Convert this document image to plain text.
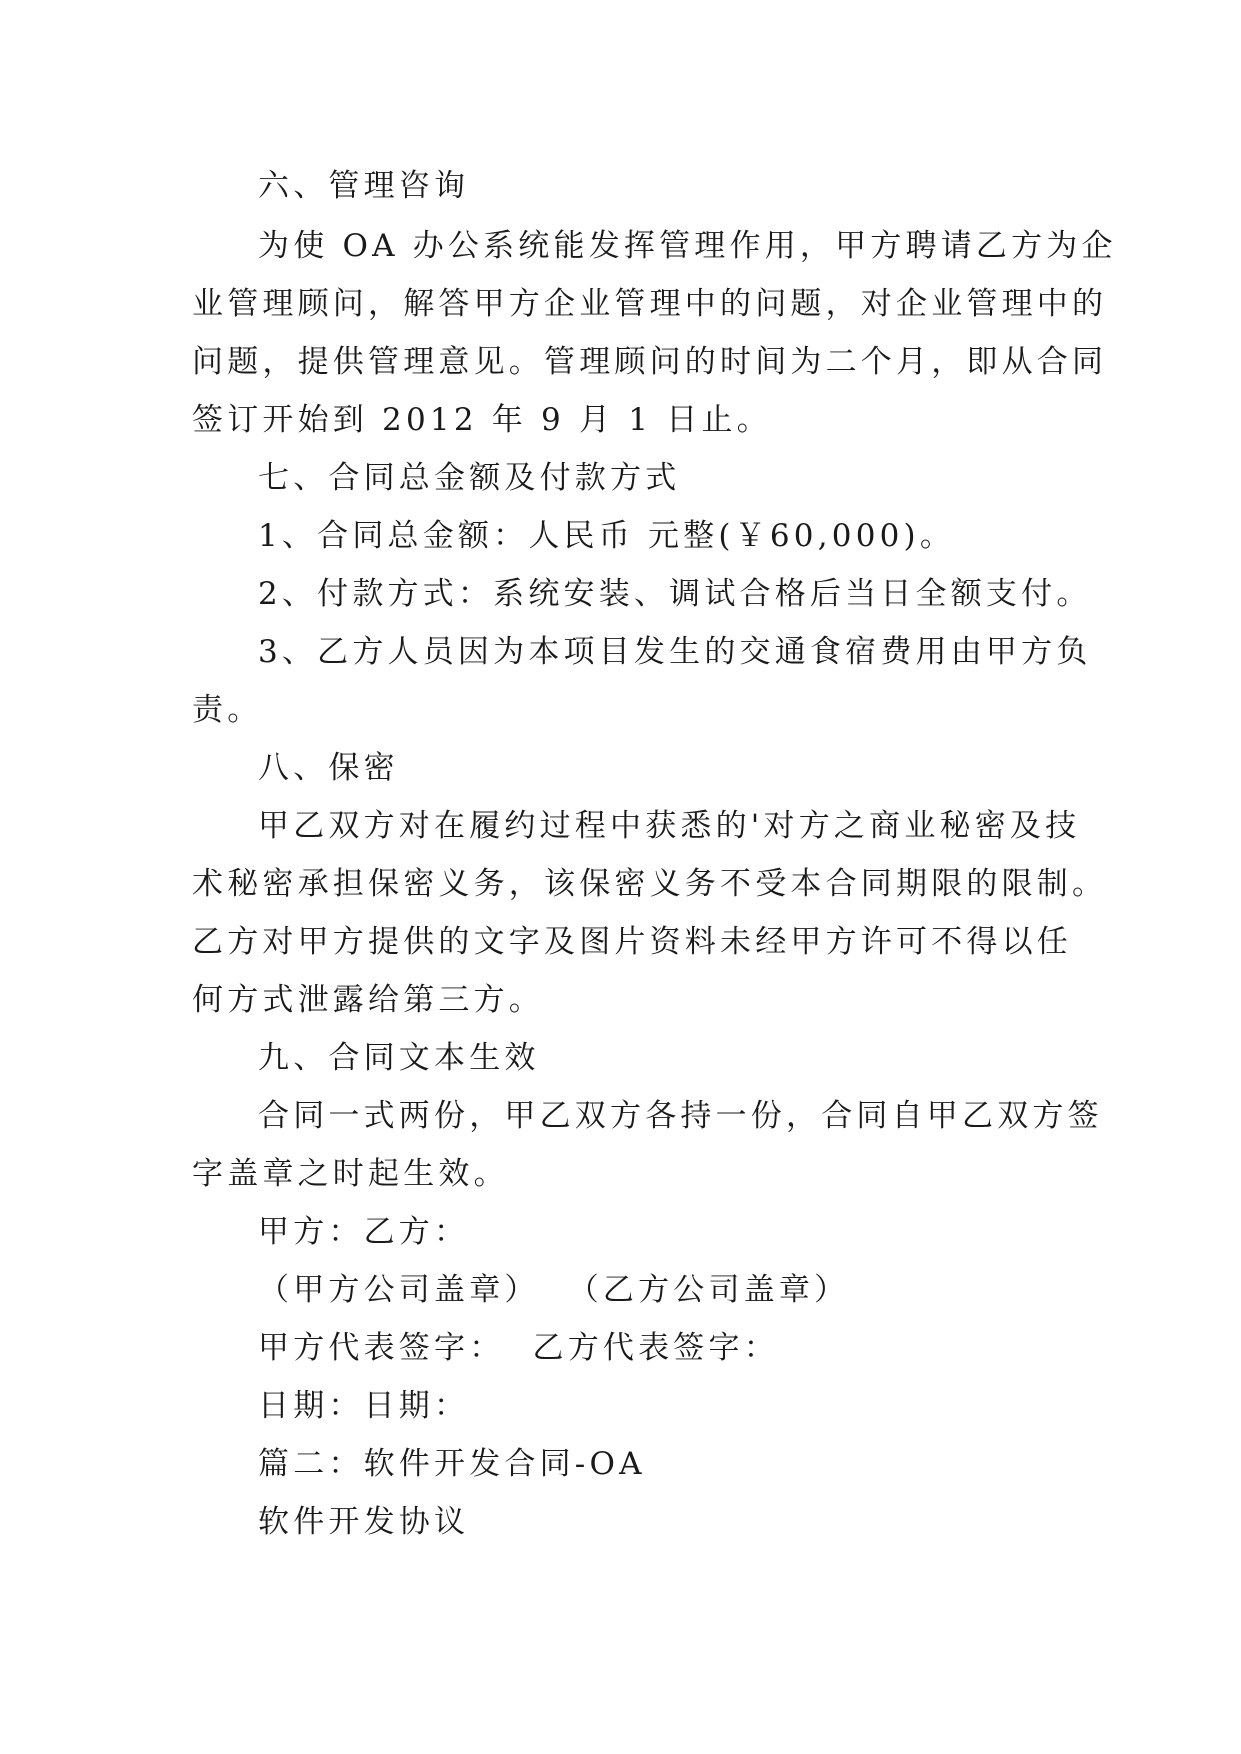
六、管理咨询
为使 OA 办公系统能发挥管理作用，甲方聘请乙方为企
业管理顾问，解答甲方企业管理中的问题，对企业管理中的
问题，提供管理意见。管理顾问的时间为二个月，即从合同
签订开始到 2012 年 9 月 1 日止。
七、合同总金额及付款方式
1、合同总金额：人民币 元整(￥60,000)。
2、付款方式：系统安装、调试合格后当日全额支付。
3、乙方人员因为本项目发生的交通食宿费用由甲方负
责。
八、保密
甲乙双方对在履约过程中获悉的'对方之商业秘密及技
术秘密承担保密义务，该保密义务不受本合同期限的限制。
乙方对甲方提供的文字及图片资料未经甲方许可不得以任
何方式泄露给第三方。
九、合同文本生效
合同一式两份，甲乙双方各持一份，合同自甲乙双方签
字盖章之时起生效。
甲方：乙方：
（甲方公司盖章）  （乙方公司盖章）
甲方代表签字：  乙方代表签字：
日期：日期：
篇二：软件开发合同-OA
软件开发协议
